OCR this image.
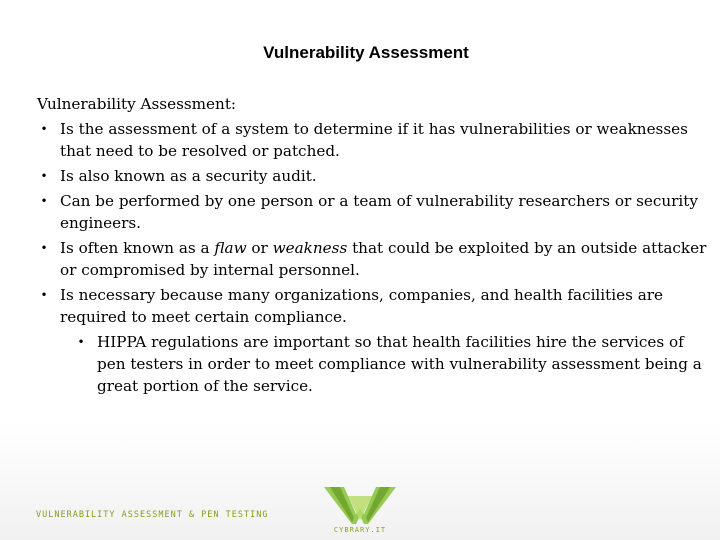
Vulnerability Assessment

Vulnerability Assessment:

• Is the assessment of a system to determine if it has vulnerabilities or weaknesses that need to be resolved or patched.
• Is also known as a security audit.
• Can be performed by one person or a team of vulnerability researchers or security engineers.
• Is often known as a flaw or weakness that could be exploited by an outside attacker or compromised by internal personnel.
• Is necessary because many organizations, companies, and health facilities are required to meet certain compliance.
• HIPPA regulations are important so that health facilities hire the services of pen testers in order to meet compliance with vulnerability assessment being a great portion of the service.
VULNERABILITY ASSESSMENT & PEN TESTING
CYBRARY.IT
